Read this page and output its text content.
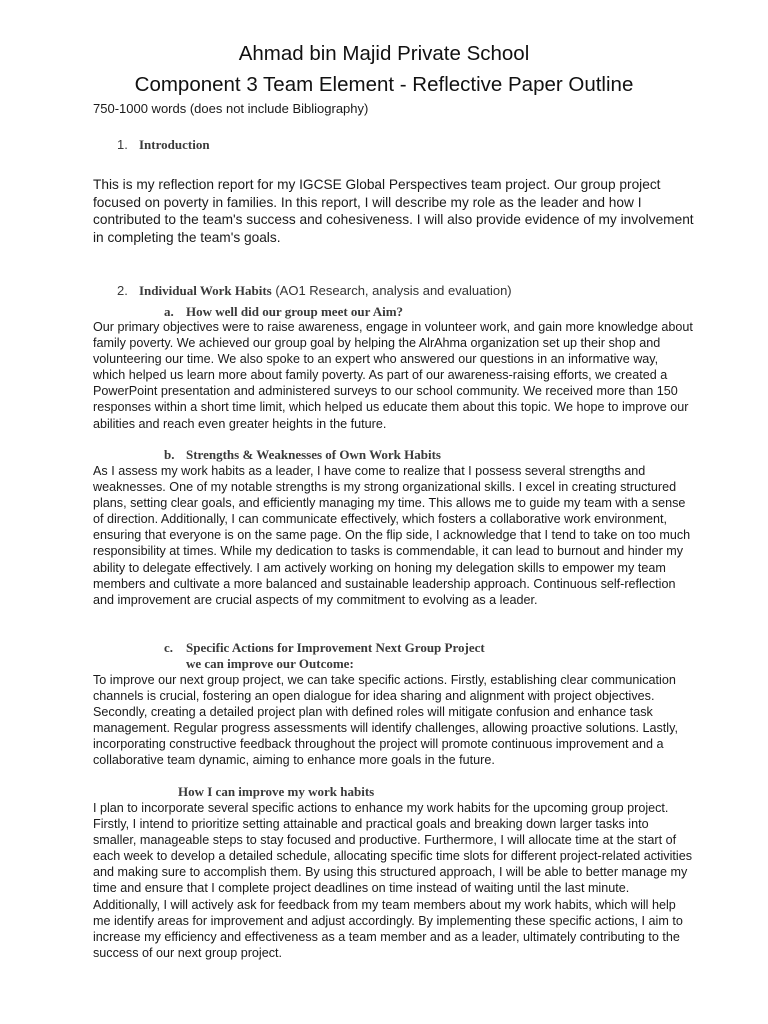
Ahmad bin Majid Private School
Component 3 Team Element - Reflective Paper Outline
750-1000 words (does not include Bibliography)
1. Introduction
This is my reflection report for my IGCSE Global Perspectives team project. Our group project focused on poverty in families. In this report, I will describe my role as the leader and how I contributed to the team's success and cohesiveness. I will also provide evidence of my involvement in completing the team's goals.
2. Individual Work Habits (AO1 Research, analysis and evaluation)
a. How well did our group meet our Aim?
Our primary objectives were to raise awareness, engage in volunteer work, and gain more knowledge about family poverty. We achieved our group goal by helping the AlrAhma organization set up their shop and volunteering our time. We also spoke to an expert who answered our questions in an informative way, which helped us learn more about family poverty. As part of our awareness-raising efforts, we created a PowerPoint presentation and administered surveys to our school community. We received more than 150 responses within a short time limit, which helped us educate them about this topic. We hope to improve our abilities and reach even greater heights in the future.
b. Strengths & Weaknesses of Own Work Habits
As I assess my work habits as a leader, I have come to realize that I possess several strengths and weaknesses. One of my notable strengths is my strong organizational skills. I excel in creating structured plans, setting clear goals, and efficiently managing my time. This allows me to guide my team with a sense of direction. Additionally, I can communicate effectively, which fosters a collaborative work environment, ensuring that everyone is on the same page. On the flip side, I acknowledge that I tend to take on too much responsibility at times. While my dedication to tasks is commendable, it can lead to burnout and hinder my ability to delegate effectively. I am actively working on honing my delegation skills to empower my team members and cultivate a more balanced and sustainable leadership approach. Continuous self-reflection and improvement are crucial aspects of my commitment to evolving as a leader.
c. Specific Actions for Improvement Next Group Project
we can improve our Outcome:
To improve our next group project, we can take specific actions. Firstly, establishing clear communication channels is crucial, fostering an open dialogue for idea sharing and alignment with project objectives. Secondly, creating a detailed project plan with defined roles will mitigate confusion and enhance task management. Regular progress assessments will identify challenges, allowing proactive solutions. Lastly, incorporating constructive feedback throughout the project will promote continuous improvement and a collaborative team dynamic, aiming to enhance more goals in the future.
How I can improve my work habits
I plan to incorporate several specific actions to enhance my work habits for the upcoming group project. Firstly, I intend to prioritize setting attainable and practical goals and breaking down larger tasks into smaller, manageable steps to stay focused and productive. Furthermore, I will allocate time at the start of each week to develop a detailed schedule, allocating specific time slots for different project-related activities and making sure to accomplish them. By using this structured approach, I will be able to better manage my time and ensure that I complete project deadlines on time instead of waiting until the last minute. Additionally, I will actively ask for feedback from my team members about my work habits, which will help me identify areas for improvement and adjust accordingly. By implementing these specific actions, I aim to increase my efficiency and effectiveness as a team member and as a leader, ultimately contributing to the success of our next group project.
